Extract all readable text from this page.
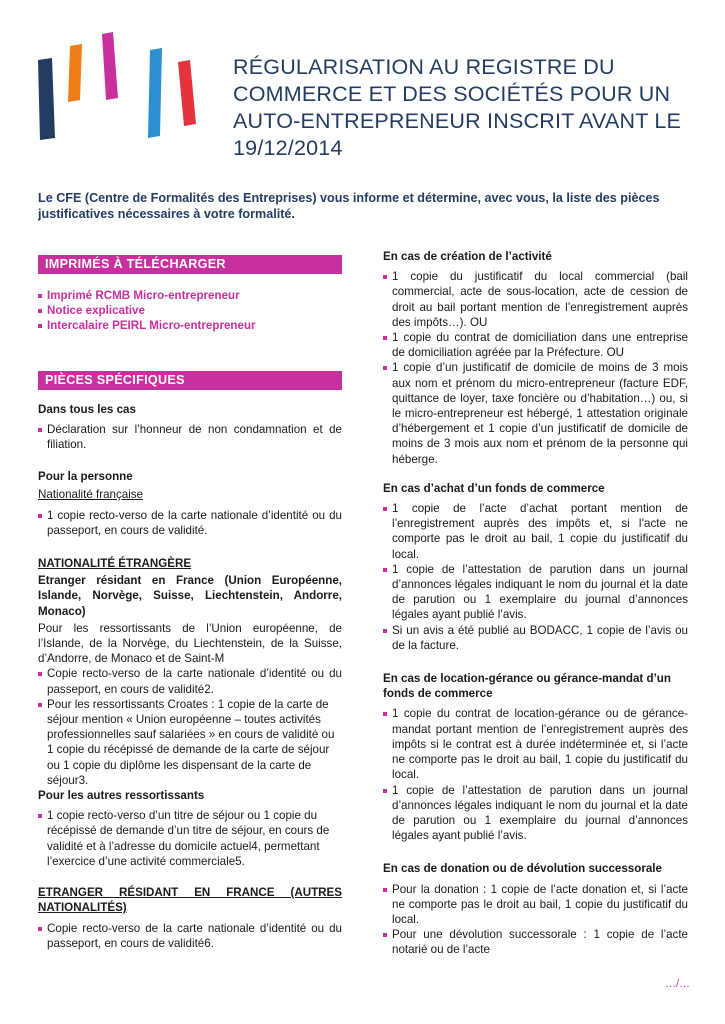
RÉGULARISATION AU REGISTRE DU COMMERCE ET DES SOCIÉTÉS POUR UN AUTO-ENTREPRENEUR INSCRIT AVANT LE 19/12/2014

Le CFE (Centre de Formalités des Entreprises) vous informe et détermine, avec vous, la liste des pièces justificatives nécessaires à votre formalité.

IMPRIMÉS À TÉLÉCHARGER
Imprimé RCMB Micro-entrepreneur
Notice explicative
Intercalaire PEIRL Micro-entrepreneur
PIÈCES SPÉCIFIQUES

Dans tous les cas

Déclaration sur l’honneur de non condamnation et de filiation.

Pour la personne

Nationalité française

1 copie recto-verso de la carte nationale d’identité ou du passeport, en cours de validité.

NATIONALITÉ ÉTRANGÈRE

Etranger résidant en France (Union Européenne, Islande, Norvège, Suisse, Liechtenstein, Andorre, Monaco)

Pour les ressortissants de l’Union européenne, de l’Islande, de la Norvège, du Liechtenstein, de la Suisse, d’Andorre, de Monaco et de Saint-M

Copie recto-verso de la carte nationale d’identité ou du passeport, en cours de validité2.
Pour les ressortissants Croates : 1 copie de la carte de séjour mention « Union européenne – toutes activités professionnelles sauf salariées » en cours de validité ou 1 copie du récépissé de demande de la carte de séjour ou 1 copie du diplôme les dispensant de la carte de séjour3.

Pour les autres ressortissants

1 copie recto-verso d’un titre de séjour ou 1 copie du récépissé de demande d’un titre de séjour, en cours de validité et à l’adresse du domicile actuel4, permettant l’exercice d’une activité commerciale5.

ETRANGER RÉSIDANT EN FRANCE (AUTRES NATIONALITÉS)

Copie recto-verso de la carte nationale d’identité ou du passeport, en cours de validité6.

En cas de création de l’activité

1 copie du justificatif du local commercial (bail commercial, acte de sous-location, acte de cession de droit au bail portant mention de l’enregistrement auprès des impôts…). OU
1 copie du contrat de domiciliation dans une entreprise de domiciliation agréée par la Préfecture. OU
1 copie d’un justificatif de domicile de moins de 3 mois aux nom et prénom du micro-entrepreneur (facture EDF, quittance de loyer, taxe foncière ou d’habitation…) ou, si le micro-entrepreneur est hébergé, 1 attestation originale d’hébergement et 1 copie d’un justificatif de domicile de moins de 3 mois aux nom et prénom de la personne qui héberge.

En cas d’achat d’un fonds de commerce

1 copie de l’acte d’achat portant mention de l’enregistrement auprès des impôts et, si l’acte ne comporte pas le droit au bail, 1 copie du justificatif du local.
1 copie de l’attestation de parution dans un journal d’annonces légales indiquant le nom du journal et la date de parution ou 1 exemplaire du journal d’annonces légales ayant publié l’avis.
Si un avis a été publié au BODACC, 1 copie de l’avis ou de la facture.

En cas de location-gérance ou gérance-mandat d’un fonds de commerce

1 copie du contrat de location-gérance ou de gérance-mandat portant mention de l’enregistrement auprès des impôts si le contrat est à durée indéterminée et, si l’acte ne comporte pas le droit au bail, 1 copie du justificatif du local.
1 copie de l’attestation de parution dans un journal d’annonces légales indiquant le nom du journal et la date de parution ou 1 exemplaire du journal d’annonces légales ayant publié l’avis.

En cas de donation ou de dévolution successorale

Pour la donation : 1 copie de l’acte donation et, si l’acte ne comporte pas le droit au bail, 1 copie du justificatif du local.
Pour une dévolution successorale : 1 copie de l’acte notarié ou de l’acte
…/…
